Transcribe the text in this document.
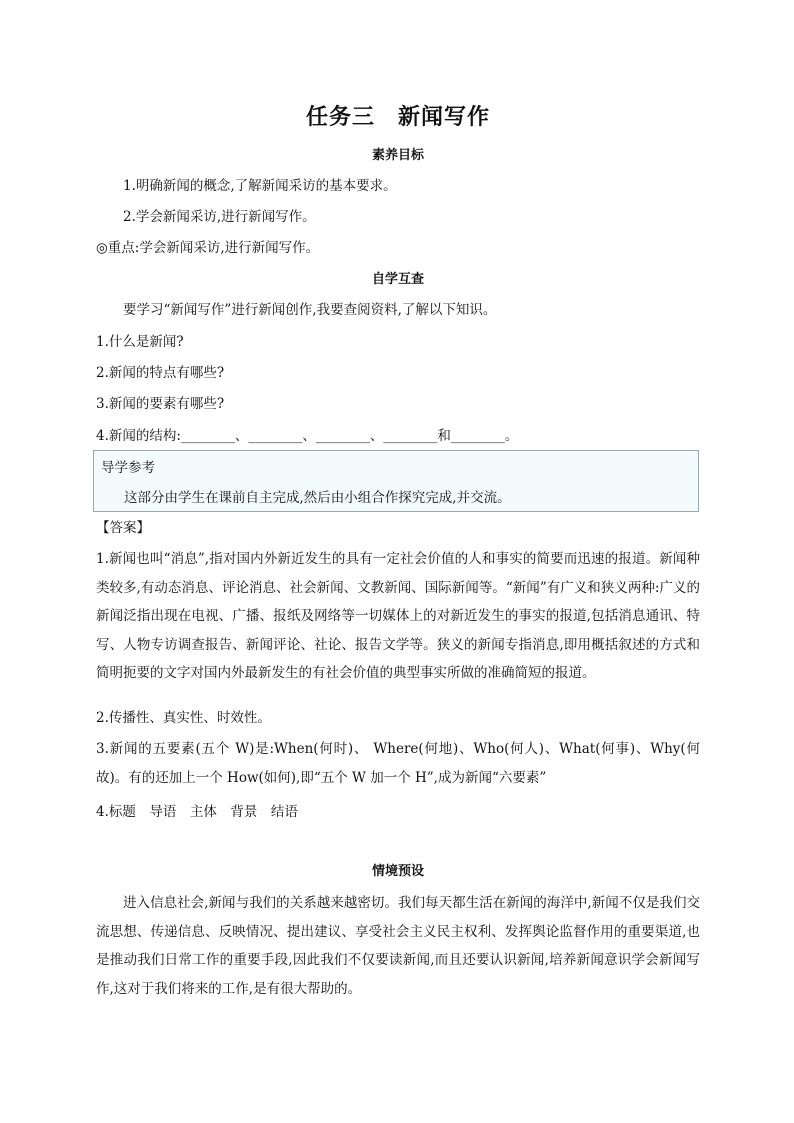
任务三　新闻写作
素养目标
1.明确新闻的概念,了解新闻采访的基本要求。
2.学会新闻采访,进行新闻写作。
◎重点:学会新闻采访,进行新闻写作。
自学互查
要学习“新闻写作”进行新闻创作,我要查阅资料,了解以下知识。
1.什么是新闻?
2.新闻的特点有哪些?
3.新闻的要素有哪些?
4.新闻的结构:________、________、________、________和________。
导学参考
这部分由学生在课前自主完成,然后由小组合作探究完成,并交流。
【答案】
1.新闻也叫“消息”,指对国内外新近发生的具有一定社会价值的人和事实的简要而迅速的报道。新闻种类较多,有动态消息、评论消息、社会新闻、文教新闻、国际新闻等。“新闻”有广义和狭义两种:广义的新闻泛指出现在电视、广播、报纸及网络等一切媒体上的对新近发生的事实的报道,包括消息通讯、特写、人物专访调查报告、新闻评论、社论、报告文学等。狭义的新闻专指消息,即用概括叙述的方式和简明扼要的文字对国内外最新发生的有社会价值的典型事实所做的准确简短的报道。
2.传播性、真实性、时效性。
3.新闻的五要素(五个 W)是:When(何时)、 Where(何地)、Who(何人)、What(何事)、Why(何故)。有的还加上一个 How(如何),即“五个 W 加一个 H”,成为新闻“六要素”
4.标题　导语　主体　背景　结语
情境预设
进入信息社会,新闻与我们的关系越来越密切。我们每天都生活在新闻的海洋中,新闻不仅是我们交流思想、传递信息、反映情况、提出建议、享受社会主义民主权利、发挥舆论监督作用的重要渠道,也是推动我们日常工作的重要手段,因此我们不仅要读新闻,而且还要认识新闻,培养新闻意识学会新闻写作,这对于我们将来的工作,是有很大帮助的。
